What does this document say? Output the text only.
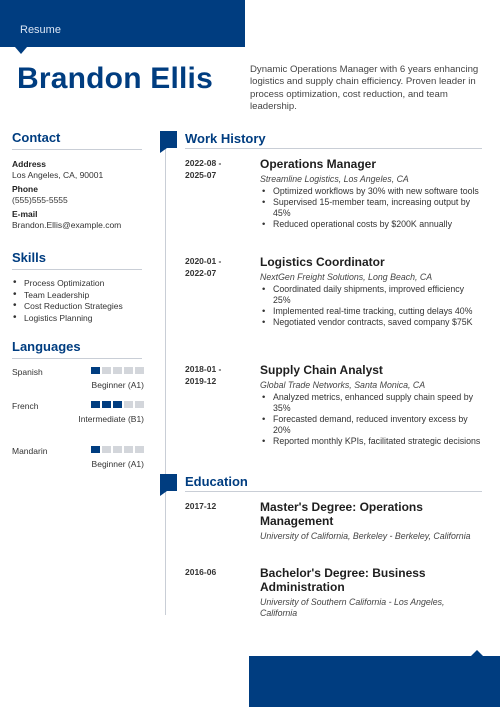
Resume
Brandon Ellis	Dynamic Operations Manager with 6 years enhancing logistics and supply chain efficiency. Proven leader in process optimization, cost reduction, and team leadership.
Contact
Address
Los Angeles, CA, 90001
Phone
(555)555-5555
E-mail
Brandon.Ellis@example.com
Skills
• Process Optimization
• Team Leadership
• Cost Reduction Strategies
• Logistics Planning
Languages
Spanish
Beginner (A1)
French
Intermediate (B1)
Mandarin
Beginner (A1)
Work History
2022-08 - 2025-07
Operations Manager
Streamline Logistics, Los Angeles, CA
• Optimized workflows by 30% with new software tools
• Supervised 15-member team, increasing output by 45%
• Reduced operational costs by $200K annually
2020-01 - 2022-07
Logistics Coordinator
NextGen Freight Solutions, Long Beach, CA
• Coordinated daily shipments, improved efficiency 25%
• Implemented real-time tracking, cutting delays 40%
• Negotiated vendor contracts, saved company $75K
2018-01 - 2019-12
Supply Chain Analyst
Global Trade Networks, Santa Monica, CA
• Analyzed metrics, enhanced supply chain speed by 35%
• Forecasted demand, reduced inventory excess by 20%
• Reported monthly KPIs, facilitated strategic decisions
Education
2017-12	Master's Degree: Operations Management
University of California, Berkeley - Berkeley, California
2016-06	Bachelor's Degree: Business Administration
University of Southern California - Los Angeles, California
